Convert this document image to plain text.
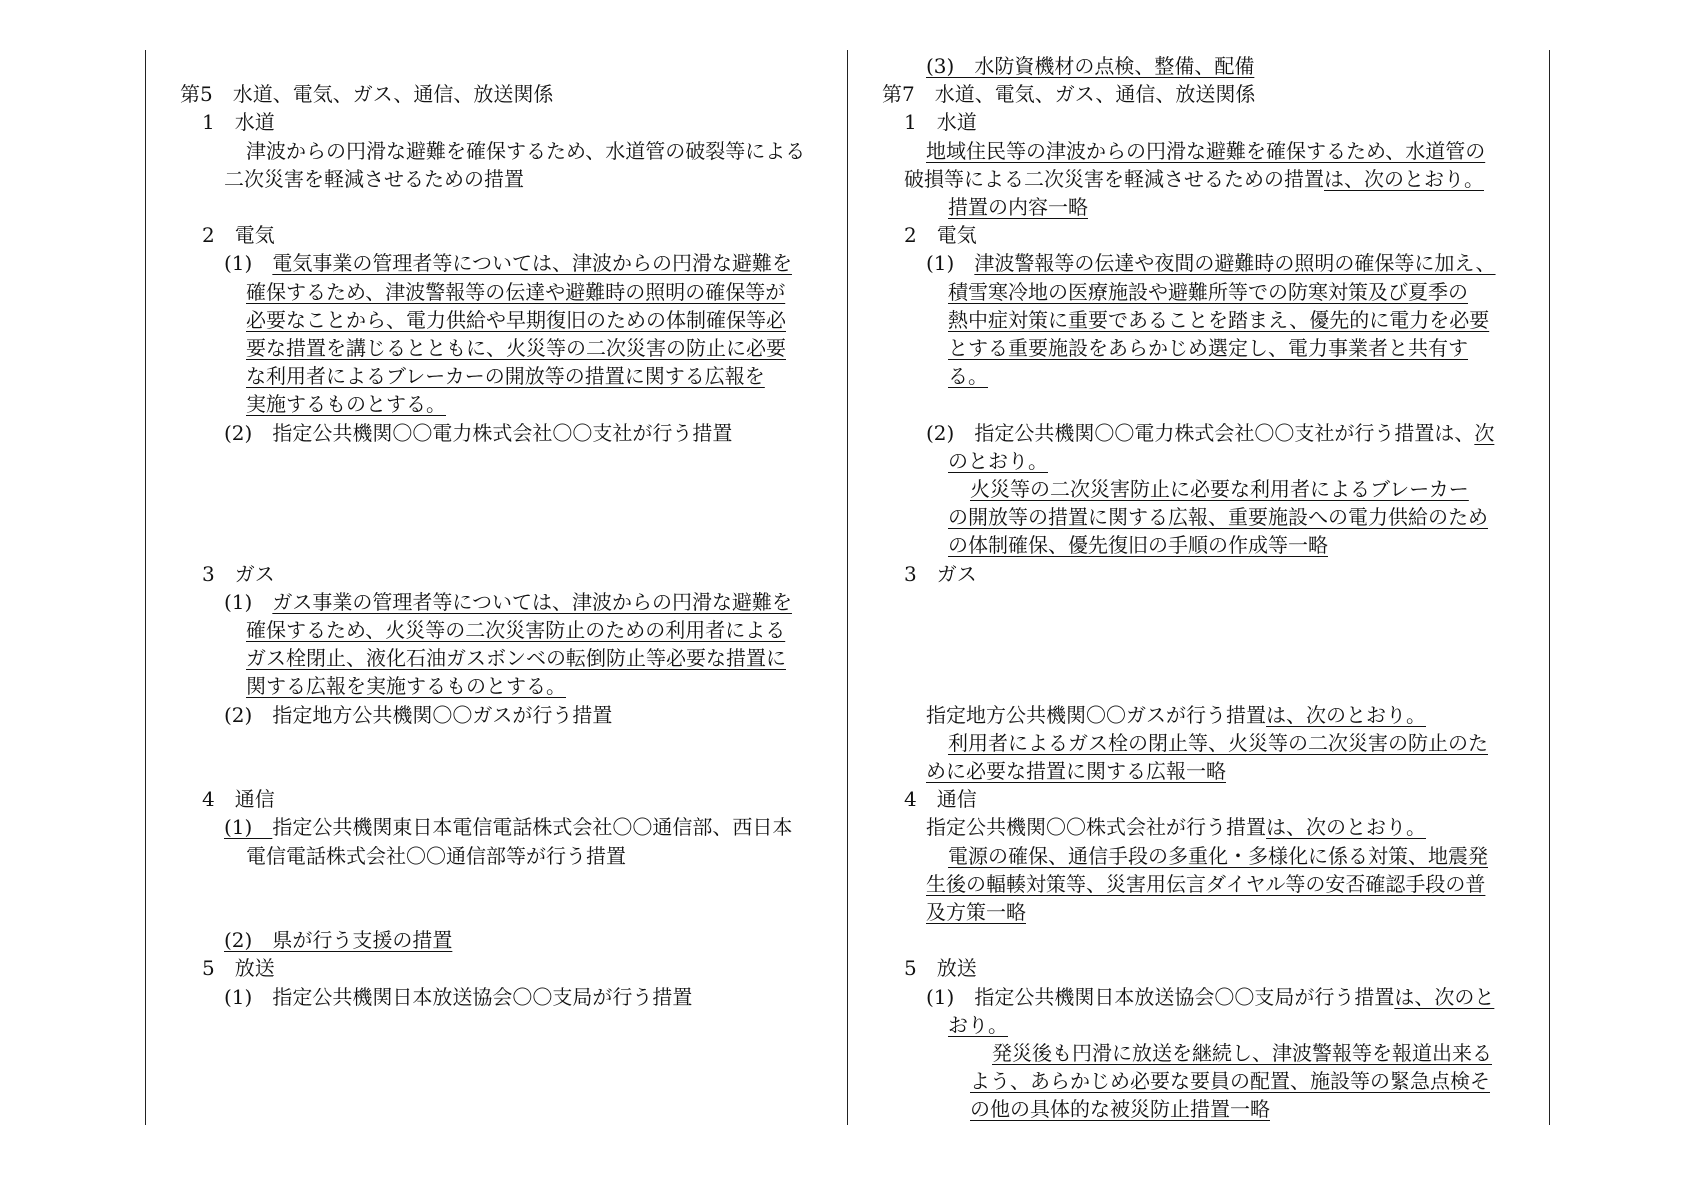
第5　水道、電気、ガス、通信、放送関係

1　水道

津波からの円滑な避難を確保するため、水道管の破裂等による

二次災害を軽減させるための措置

2　電気

(1)　電気事業の管理者等については、津波からの円滑な避難を

確保するため、津波警報等の伝達や避難時の照明の確保等が

必要なことから、電力供給や早期復旧のための体制確保等必

要な措置を講じるとともに、火災等の二次災害の防止に必要

な利用者によるブレーカーの開放等の措置に関する広報を

実施するものとする。

(2)　指定公共機関〇〇電力株式会社〇〇支社が行う措置

3　ガス

(1)　ガス事業の管理者等については、津波からの円滑な避難を

確保するため、火災等の二次災害防止のための利用者による

ガス栓閉止、液化石油ガスボンベの転倒防止等必要な措置に

関する広報を実施するものとする。

(2)　指定地方公共機関〇〇ガスが行う措置

4　通信

(1)　指定公共機関東日本電信電話株式会社〇〇通信部、西日本

電信電話株式会社〇〇通信部等が行う措置

(2)　県が行う支援の措置

5　放送

(1)　指定公共機関日本放送協会〇〇支局が行う措置

(3)　水防資機材の点検、整備、配備

第7　水道、電気、ガス、通信、放送関係

1　水道

地域住民等の津波からの円滑な避難を確保するため、水道管の

破損等による二次災害を軽減させるための措置は、次のとおり。

措置の内容一略

2　電気

(1)　津波警報等の伝達や夜間の避難時の照明の確保等に加え、

積雪寒冷地の医療施設や避難所等での防寒対策及び夏季の

熱中症対策に重要であることを踏まえ、優先的に電力を必要

とする重要施設をあらかじめ選定し、電力事業者と共有す

る。

(2)　指定公共機関〇〇電力株式会社〇〇支社が行う措置は、次

のとおり。

火災等の二次災害防止に必要な利用者によるブレーカー

の開放等の措置に関する広報、重要施設への電力供給のため

の体制確保、優先復旧の手順の作成等一略

3　ガス

指定地方公共機関〇〇ガスが行う措置は、次のとおり。

利用者によるガス栓の閉止等、火災等の二次災害の防止のた

めに必要な措置に関する広報一略

4　通信

指定公共機関〇〇株式会社が行う措置は、次のとおり。

電源の確保、通信手段の多重化・多様化に係る対策、地震発

生後の輻輳対策等、災害用伝言ダイヤル等の安否確認手段の普

及方策一略

5　放送

(1)　指定公共機関日本放送協会〇〇支局が行う措置は、次のと

おり。

発災後も円滑に放送を継続し、津波警報等を報道出来る

よう、あらかじめ必要な要員の配置、施設等の緊急点検そ

の他の具体的な被災防止措置一略
